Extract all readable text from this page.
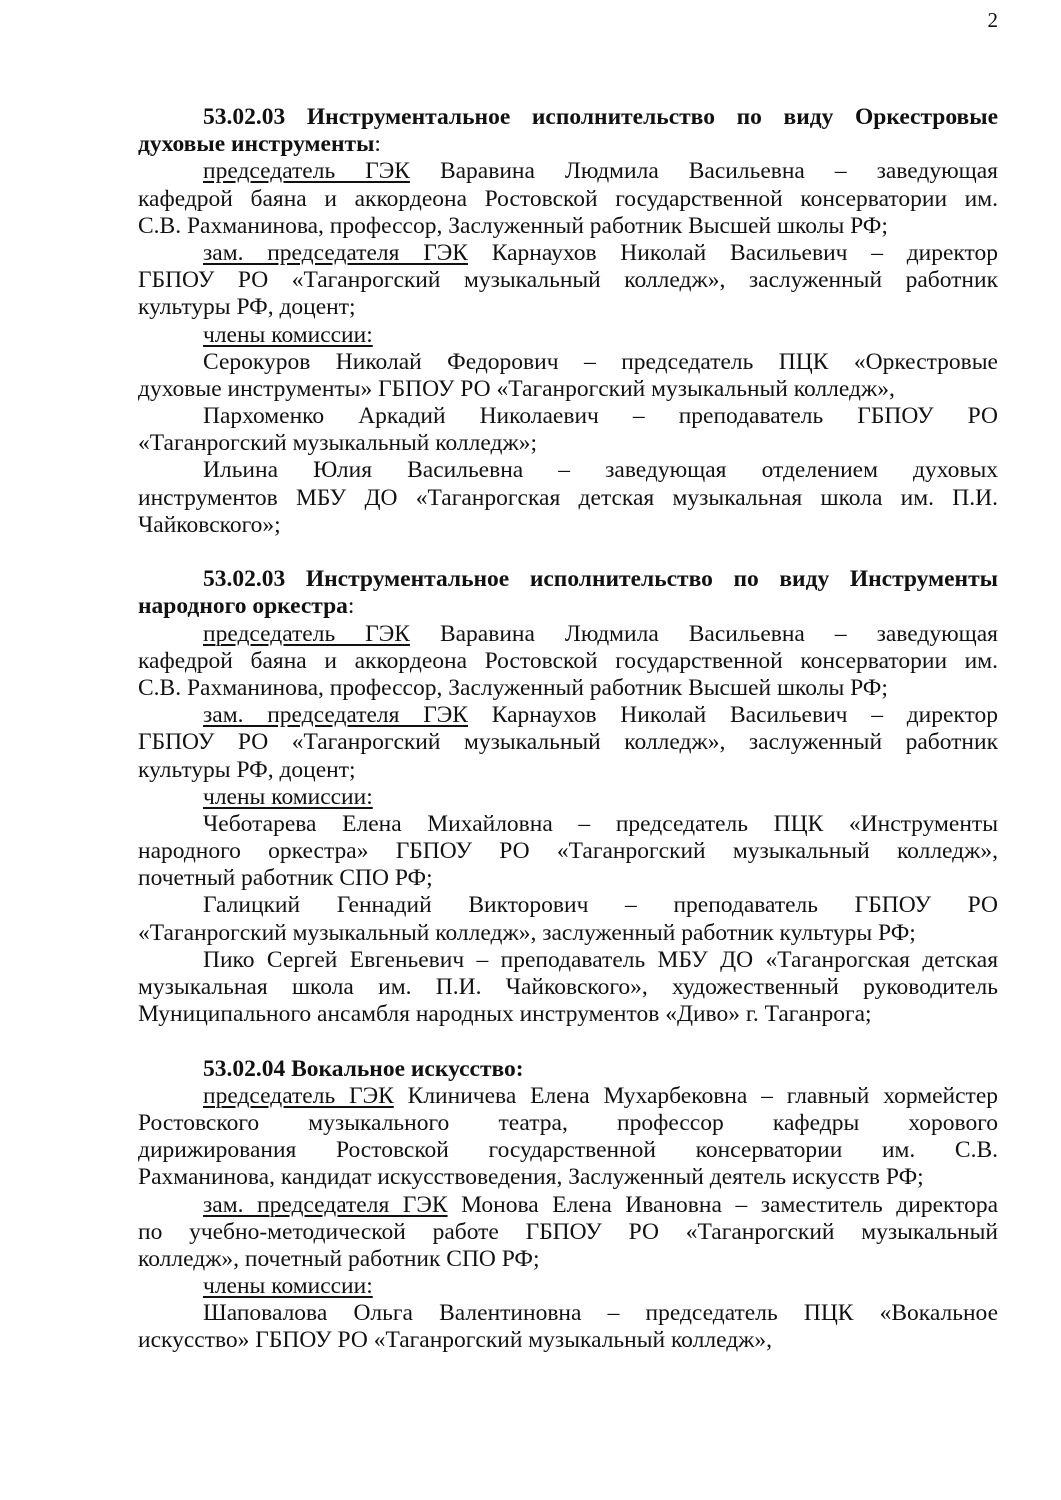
2
53.02.03 Инструментальное исполнительство по виду Оркестровые
духовые инструменты:
председатель ГЭК Варавина Людмила Васильевна – заведующая
кафедрой баяна и аккордеона Ростовской государственной консерватории им.
С.В. Рахманинова, профессор, Заслуженный работник Высшей школы РФ;
зам. председателя ГЭК Карнаухов Николай Васильевич – директор
ГБПОУ РО «Таганрогский музыкальный колледж», заслуженный работник
культуры РФ, доцент;
члены комиссии:
Серокуров Николай Федорович – председатель ПЦК «Оркестровые
духовые инструменты» ГБПОУ РО «Таганрогский музыкальный колледж»,
Пархоменко Аркадий Николаевич – преподаватель ГБПОУ РО
«Таганрогский музыкальный колледж»;
Ильина Юлия Васильевна – заведующая отделением духовых
инструментов МБУ ДО «Таганрогская детская музыкальная школа им. П.И.
Чайковского»;
53.02.03 Инструментальное исполнительство по виду Инструменты
народного оркестра:
председатель ГЭК Варавина Людмила Васильевна – заведующая
кафедрой баяна и аккордеона Ростовской государственной консерватории им.
С.В. Рахманинова, профессор, Заслуженный работник Высшей школы РФ;
зам. председателя ГЭК Карнаухов Николай Васильевич – директор
ГБПОУ РО «Таганрогский музыкальный колледж», заслуженный работник
культуры РФ, доцент;
члены комиссии:
Чеботарева Елена Михайловна – председатель ПЦК «Инструменты
народного оркестра» ГБПОУ РО «Таганрогский музыкальный колледж»,
почетный работник СПО РФ;
Галицкий Геннадий Викторович – преподаватель ГБПОУ РО
«Таганрогский музыкальный колледж», заслуженный работник культуры РФ;
Пико Сергей Евгеньевич – преподаватель МБУ ДО «Таганрогская детская
музыкальная школа им. П.И. Чайковского», художественный руководитель
Муниципального ансамбля народных инструментов «Диво» г. Таганрога;
53.02.04 Вокальное искусство:
председатель ГЭК Клиничева Елена Мухарбековна – главный хормейстер
Ростовского музыкального театра, профессор кафедры хорового
дирижирования Ростовской государственной консерватории им. С.В.
Рахманинова, кандидат искусствоведения, Заслуженный деятель искусств РФ;
зам. председателя ГЭК Монова Елена Ивановна – заместитель директора
по учебно-методической работе ГБПОУ РО «Таганрогский музыкальный
колледж», почетный работник СПО РФ;
члены комиссии:
Шаповалова Ольга Валентиновна – председатель ПЦК «Вокальное
искусство» ГБПОУ РО «Таганрогский музыкальный колледж»,
